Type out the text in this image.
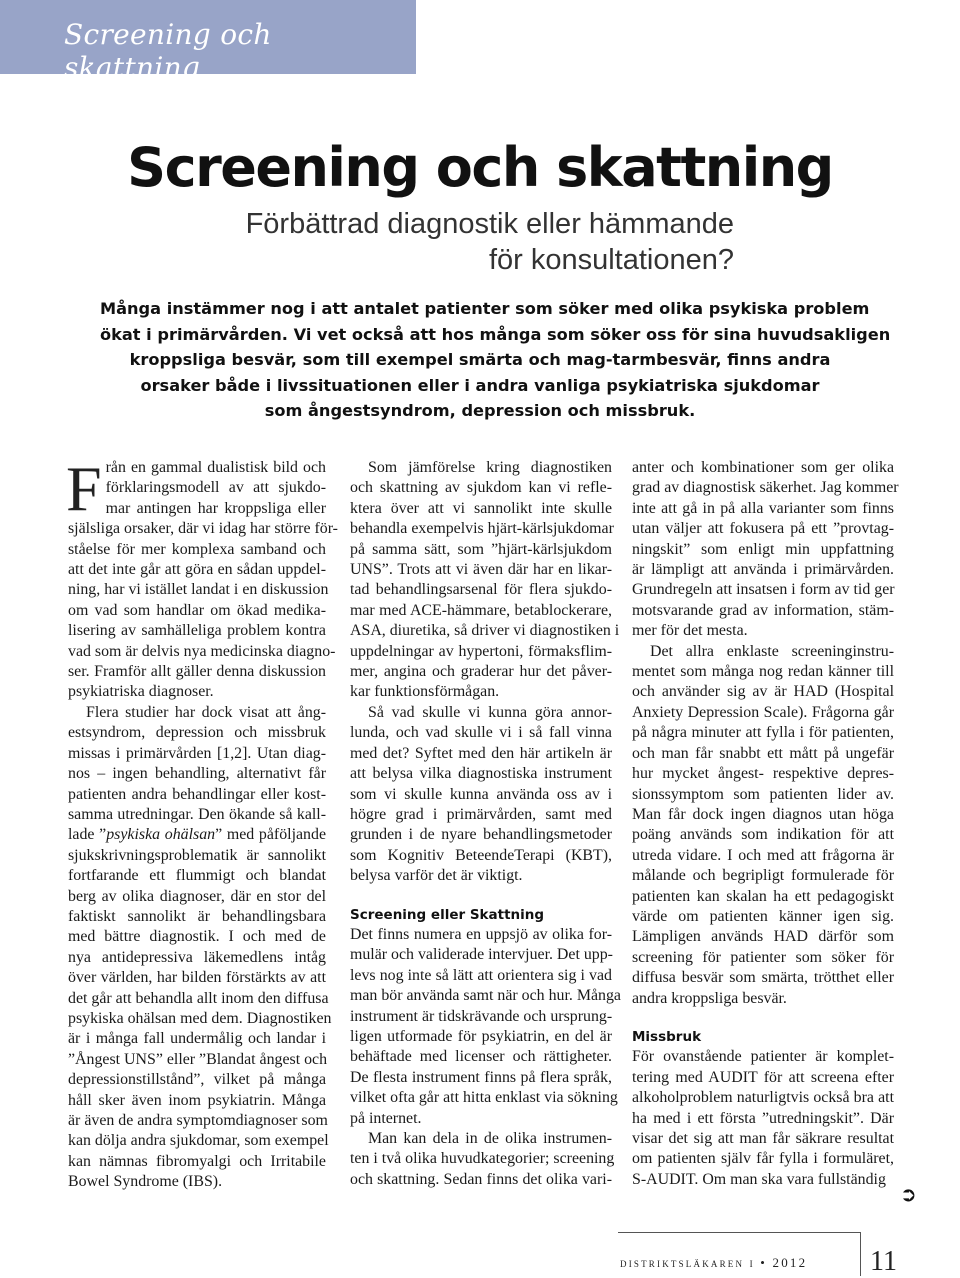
Screening och skattning
Screening och skattning
Förbättrad diagnostik eller hämmande
för konsultationen?
Många instämmer nog i att antalet patienter som söker med olika psykiska problem
ökat i primärvården. Vi vet också att hos många som söker oss för sina huvudsakligen
kroppsliga besvär, som till exempel smärta och mag-tarmbesvär, finns andra
orsaker både i livssituationen eller i andra vanliga psykiatriska sjukdomar
som ångestsyndrom, depression och missbruk.
F rån en gammal dualistisk bild och
förklaringsmodell av att sjukdo-
mar antingen har kroppsliga eller
själsliga orsaker, där vi idag har större för-
ståelse för mer komplexa samband och
att det inte går att göra en sådan uppdel-
ning, har vi istället landat i en diskussion
om vad som handlar om ökad medika-
lisering av samhälleliga problem kontra
vad som är delvis nya medicinska diagno-
ser. Framför allt gäller denna diskussion
psykiatriska diagnoser.
Flera studier har dock visat att ång-
estsyndrom, depression och missbruk
missas i primärvården [1,2]. Utan diag-
nos – ingen behandling, alternativt får
patienten andra behandlingar eller kost-
samma utredningar. Den ökande så kall-
lade ”psykiska ohälsan” med påföljande
sjukskrivningsproblematik är sannolikt
fortfarande ett flummigt och blandat
berg av olika diagnoser, där en stor del
faktiskt sannolikt är behandlingsbara
med bättre diagnostik. I och med de
nya antidepressiva läkemedlens intåg
över världen, har bilden förstärkts av att
det går att behandla allt inom den diffusa
psykiska ohälsan med dem. Diagnostiken
är i många fall undermålig och landar i
”Ångest UNS” eller ”Blandat ångest och
depressionstillstånd”, vilket på många
håll sker även inom psykiatrin. Många
är även de andra symptomdiagnoser som
kan dölja andra sjukdomar, som exempel
kan nämnas fibromyalgi och Irritabile
Bowel Syndrome (IBS).
Som jämförelse kring diagnostiken
och skattning av sjukdom kan vi refle-
ktera över att vi sannolikt inte skulle
behandla exempelvis hjärt-kärlsjukdomar
på samma sätt, som ”hjärt-kärlsjukdom
UNS”. Trots att vi även där har en likar-
tad behandlingsarsenal för flera sjukdo-
mar med ACE-hämmare, betablockerare,
ASA, diuretika, så driver vi diagnostiken i
uppdelningar av hypertoni, förmaksflim-
mer, angina och graderar hur det påver-
kar funktionsförmågan.
Så vad skulle vi kunna göra annor-
lunda, och vad skulle vi i så fall vinna
med det? Syftet med den här artikeln är
att belysa vilka diagnostiska instrument
som vi skulle kunna använda oss av i
högre grad i primärvården, samt med
grunden i de nyare behandlingsmetoder
som Kognitiv BeteendeTerapi (KBT),
belysa varför det är viktigt.
Screening eller Skattning
Det finns numera en uppsjö av olika for-
mulär och validerade intervjuer. Det upp-
levs nog inte så lätt att orientera sig i vad
man bör använda samt när och hur. Många
instrument är tidskrävande och ursprung-
ligen utformade för psykiatrin, en del är
behäftade med licenser och rättigheter.
De flesta instrument finns på flera språk,
vilket ofta går att hitta enklast via sökning
på internet.
Man kan dela in de olika instrumen-
ten i två olika huvudkategorier; screening
och skattning. Sedan finns det olika vari-
anter och kombinationer som ger olika
grad av diagnostisk säkerhet. Jag kommer
inte att gå in på alla varianter som finns
utan väljer att fokusera på ett ”provtag-
ningskit” som enligt min uppfattning
är lämpligt att använda i primärvården.
Grundregeln att insatsen i form av tid ger
motsvarande grad av information, stäm-
mer för det mesta.
Det allra enklaste screeninginstru-
mentet som många nog redan känner till
och använder sig av är HAD (Hospital
Anxiety Depression Scale). Frågorna går
på några minuter att fylla i för patienten,
och man får snabbt ett mått på ungefär
hur mycket ångest- respektive depres-
sionssymptom som patienten lider av.
Man får dock ingen diagnos utan höga
poäng används som indikation för att
utreda vidare. I och med att frågorna är
målande och begripligt formulerade för
patienten kan skalan ha ett pedagogiskt
värde om patienten känner igen sig.
Lämpligen används HAD därför som
screening för patienter som söker för
diffusa besvär som smärta, trötthet eller
andra kroppsliga besvär.
Missbruk
För ovanstående patienter är komplet-
tering med AUDIT för att screena efter
alkoholproblem naturligtvis också bra att
ha med i ett första ”utredningskit”. Där
visar det sig att man får säkrare resultat
om patienten själv får fylla i formuläret,
S-AUDIT. Om man ska vara fullständig
➲
distriktsläkaren i • 2012 11
